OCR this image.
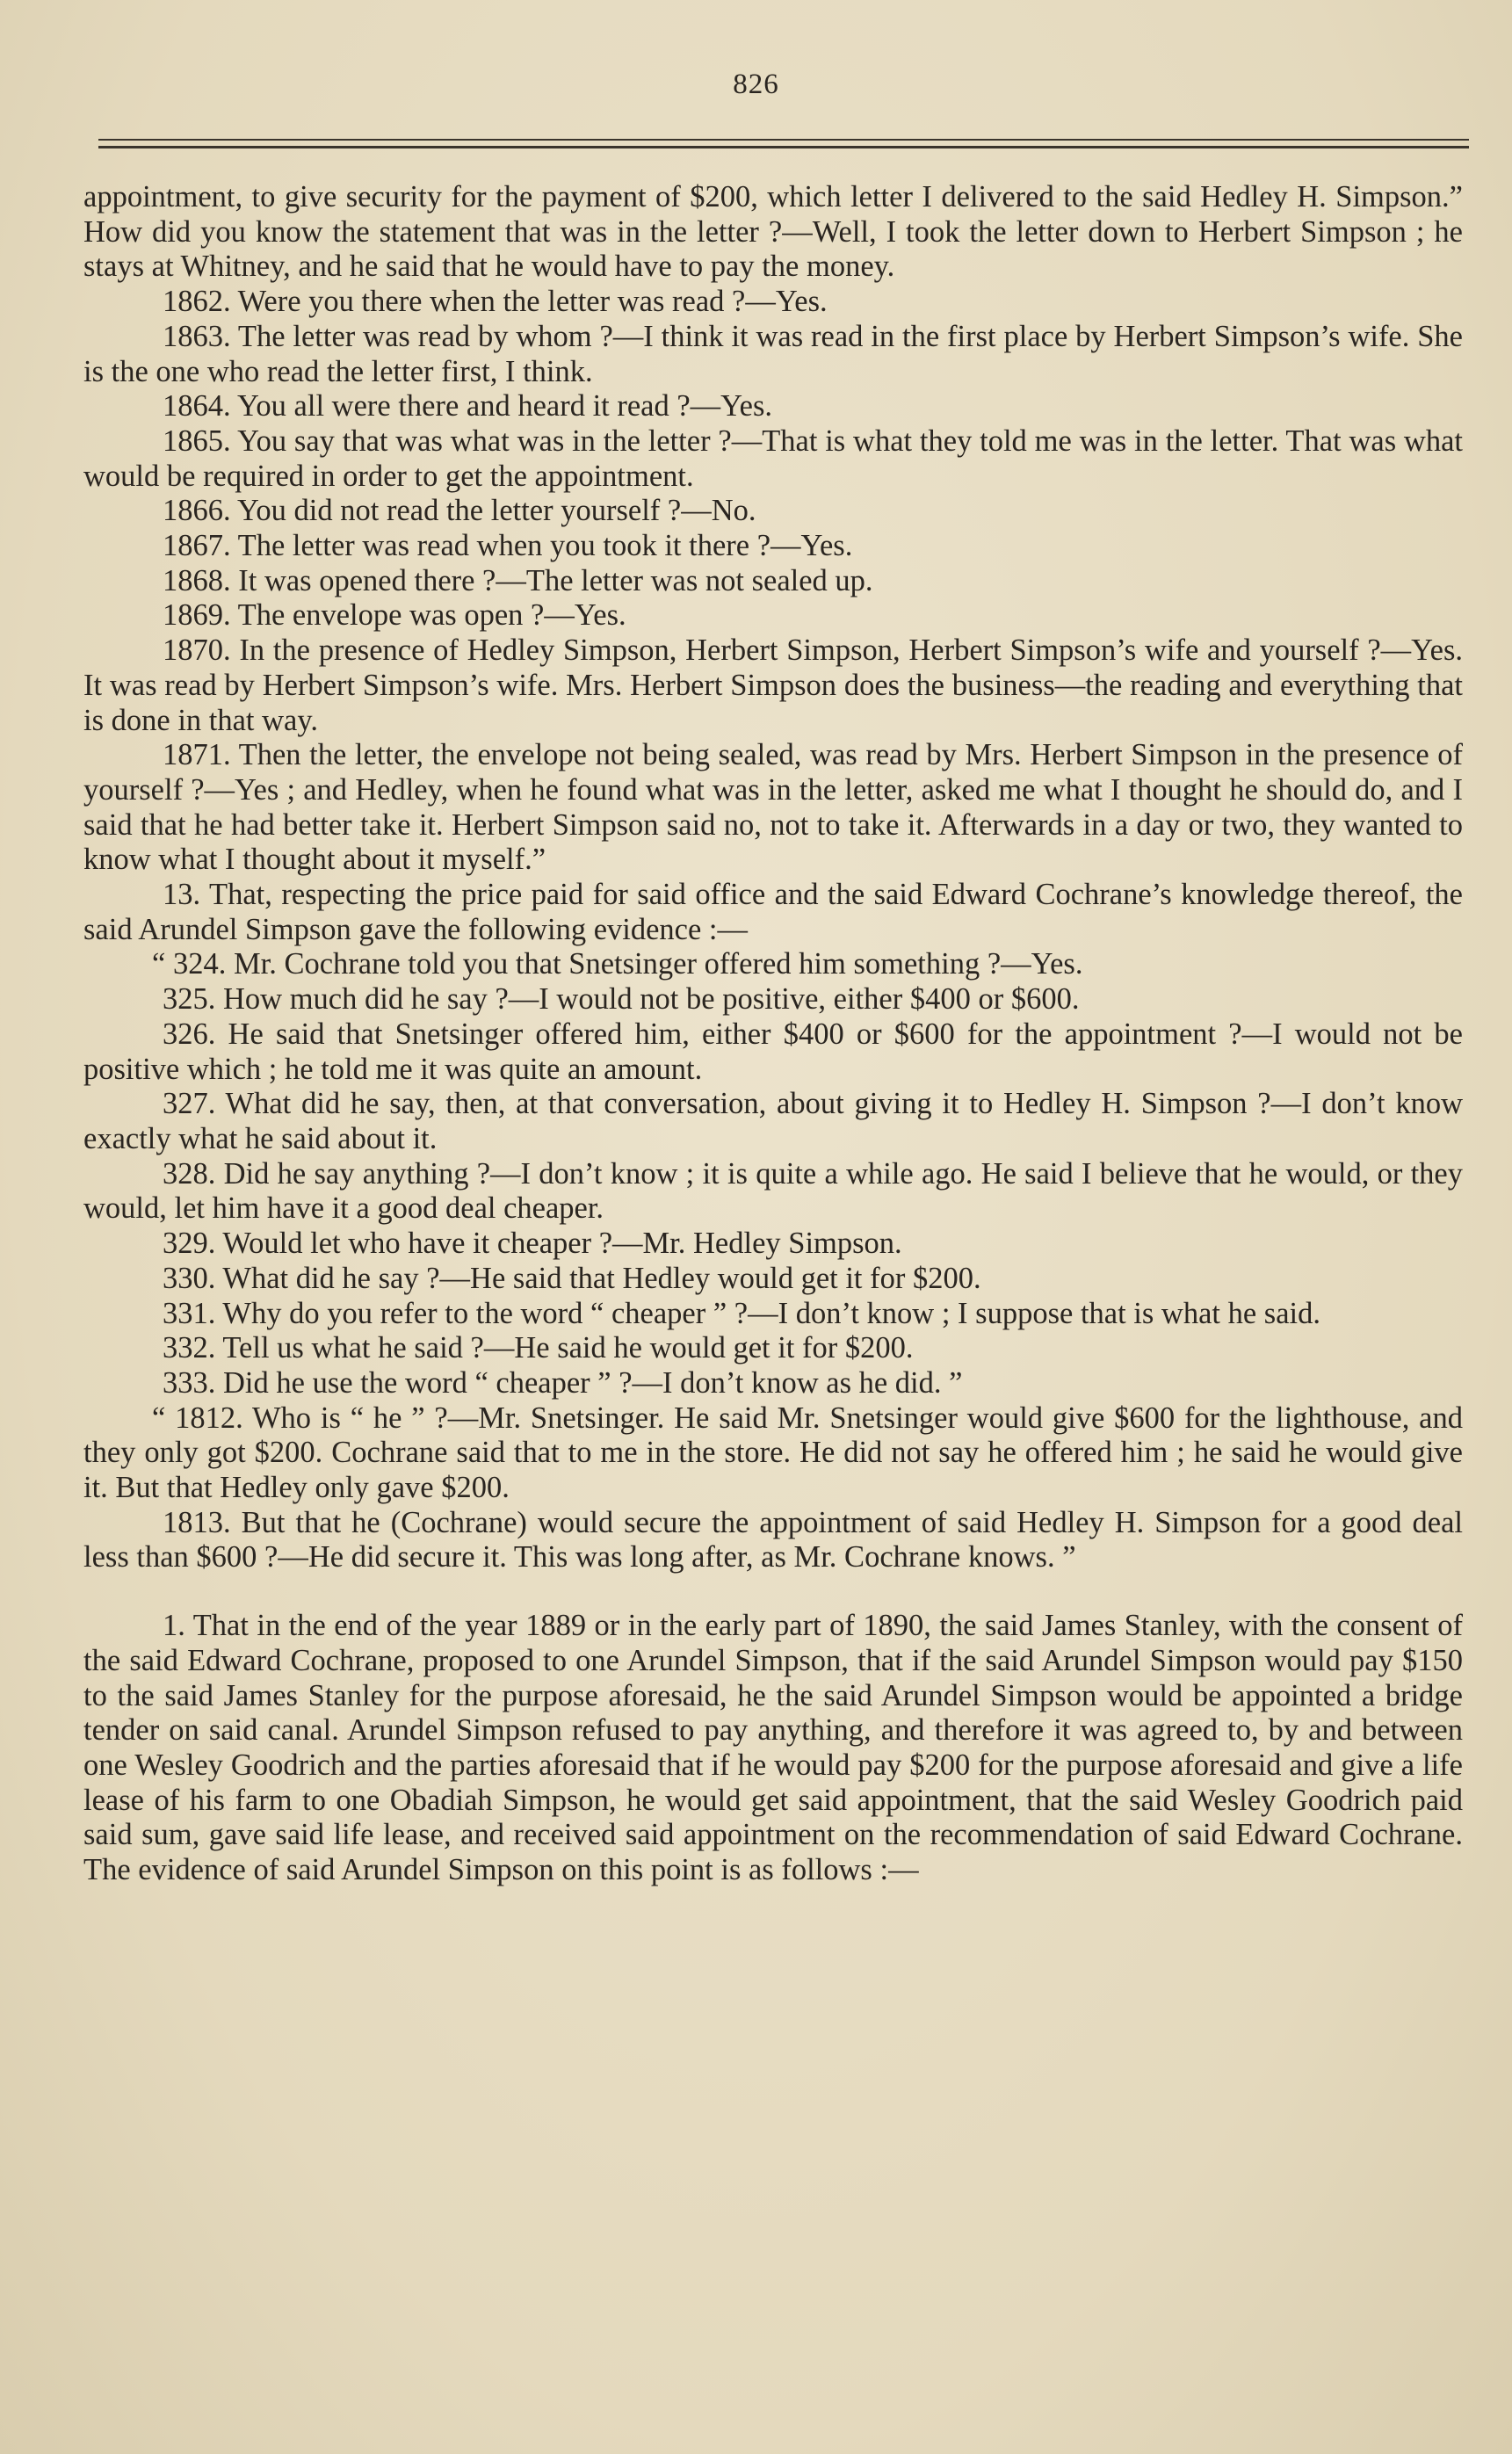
826

appointment, to give security for the payment of $200, which letter I delivered to the said Hedley H. Simpson.” How did you know the statement that was in the letter ?—Well, I took the letter down to Herbert Simpson ; he stays at Whitney, and he said that he would have to pay the money.

1862. Were you there when the letter was read ?—Yes.

1863. The letter was read by whom ?—I think it was read in the first place by Herbert Simpson’s wife. She is the one who read the letter first, I think.

1864. You all were there and heard it read ?—Yes.

1865. You say that was what was in the letter ?—That is what they told me was in the letter. That was what would be required in order to get the appointment.

1866. You did not read the letter yourself ?—No.

1867. The letter was read when you took it there ?—Yes.

1868. It was opened there ?—The letter was not sealed up.

1869. The envelope was open ?—Yes.

1870. In the presence of Hedley Simpson, Herbert Simpson, Herbert Simpson’s wife and yourself ?—Yes. It was read by Herbert Simpson’s wife. Mrs. Herbert Simpson does the business—the reading and everything that is done in that way.

1871. Then the letter, the envelope not being sealed, was read by Mrs. Herbert Simpson in the presence of yourself ?—Yes ; and Hedley, when he found what was in the letter, asked me what I thought he should do, and I said that he had better take it. Herbert Simpson said no, not to take it. Afterwards in a day or two, they wanted to know what I thought about it myself.”

13. That, respecting the price paid for said office and the said Edward Cochrane’s knowledge thereof, the said Arundel Simpson gave the following evidence :—

“ 324. Mr. Cochrane told you that Snetsinger offered him something ?—Yes.

325. How much did he say ?—I would not be positive, either $400 or $600.

326. He said that Snetsinger offered him, either $400 or $600 for the appointment ?—I would not be positive which ; he told me it was quite an amount.

327. What did he say, then, at that conversation, about giving it to Hedley H. Simpson ?—I don’t know exactly what he said about it.

328. Did he say anything ?—I don’t know ; it is quite a while ago. He said I believe that he would, or they would, let him have it a good deal cheaper.

329. Would let who have it cheaper ?—Mr. Hedley Simpson.

330. What did he say ?—He said that Hedley would get it for $200.

331. Why do you refer to the word “ cheaper ” ?—I don’t know ; I suppose that is what he said.

332. Tell us what he said ?—He said he would get it for $200.

333. Did he use the word “ cheaper ” ?—I don’t know as he did. ”

“ 1812. Who is “ he ” ?—Mr. Snetsinger. He said Mr. Snetsinger would give $600 for the lighthouse, and they only got $200. Cochrane said that to me in the store. He did not say he offered him ; he said he would give it. But that Hedley only gave $200.

1813. But that he (Cochrane) would secure the appointment of said Hedley H. Simpson for a good deal less than $600 ?—He did secure it. This was long after, as Mr. Cochrane knows. ”

1. That in the end of the year 1889 or in the early part of 1890, the said James Stanley, with the consent of the said Edward Cochrane, proposed to one Arundel Simpson, that if the said Arundel Simpson would pay $150 to the said James Stanley for the purpose aforesaid, he the said Arundel Simpson would be appointed a bridge tender on said canal. Arundel Simpson refused to pay anything, and therefore it was agreed to, by and between one Wesley Goodrich and the parties aforesaid that if he would pay $200 for the purpose aforesaid and give a life lease of his farm to one Obadiah Simpson, he would get said appointment, that the said Wesley Goodrich paid said sum, gave said life lease, and received said appointment on the recommendation of said Edward Cochrane. The evidence of said Arundel Simpson on this point is as follows :—
